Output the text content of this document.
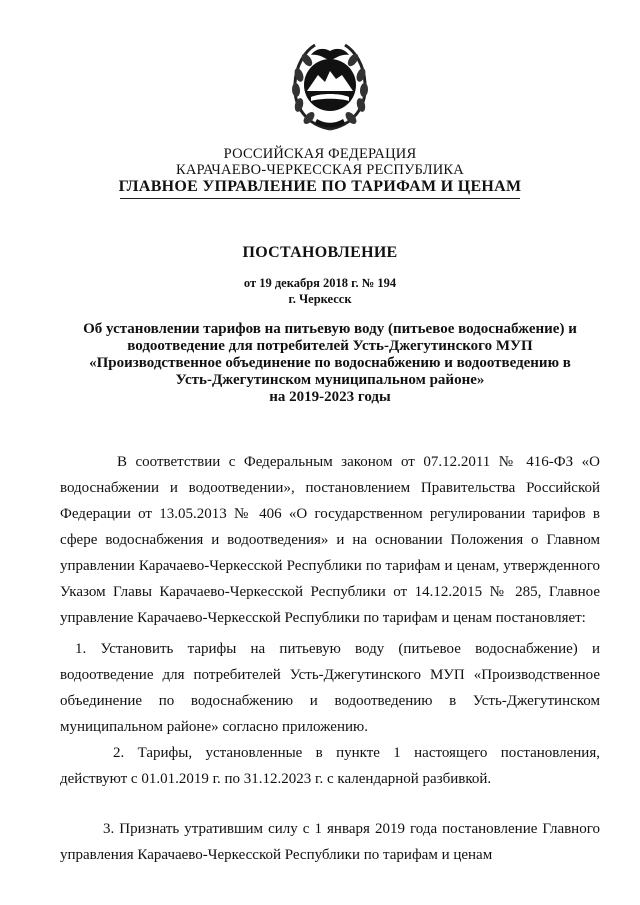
РОССИЙСКАЯ ФЕДЕРАЦИЯ
КАРАЧАЕВО-ЧЕРКЕССКАЯ РЕСПУБЛИКА
ГЛАВНОЕ УПРАВЛЕНИЕ ПО ТАРИФАМ И ЦЕНАМ
ПОСТАНОВЛЕНИЕ
от 19 декабря 2018 г. № 194
г. Черкесск
Об установлении тарифов на питьевую воду (питьевое водоснабжение) и
водоотведение для потребителей Усть-Джегутинского МУП
«Производственное объединение по водоснабжению и водоотведению в
Усть-Джегутинском муниципальном районе»
на 2019-2023 годы
В соответствии с Федеральным законом от 07.12.2011 № 416-ФЗ «О водоснабжении и водоотведении», постановлением Правительства Российской Федерации от 13.05.2013 № 406 «О государственном регулировании тарифов в сфере водоснабжения и водоотведения» и на основании Положения о Главном управлении Карачаево-Черкесской Республики по тарифам и ценам, утвержденного Указом Главы Карачаево-Черкесской Республики от 14.12.2015 № 285, Главное управление Карачаево-Черкесской Республики по тарифам и ценам постановляет:
1. Установить тарифы на питьевую воду (питьевое водоснабжение) и водоотведение для потребителей Усть-Джегутинского МУП «Производственное объединение по водоснабжению и водоотведению в Усть-Джегутинском муниципальном районе» согласно приложению.
2. Тарифы, установленные в пункте 1 настоящего постановления, действуют с 01.01.2019 г. по 31.12.2023 г. с календарной разбивкой.
3. Признать утратившим силу с 1 января 2019 года постановление Главного управления Карачаево-Черкесской Республики по тарифам и ценам
